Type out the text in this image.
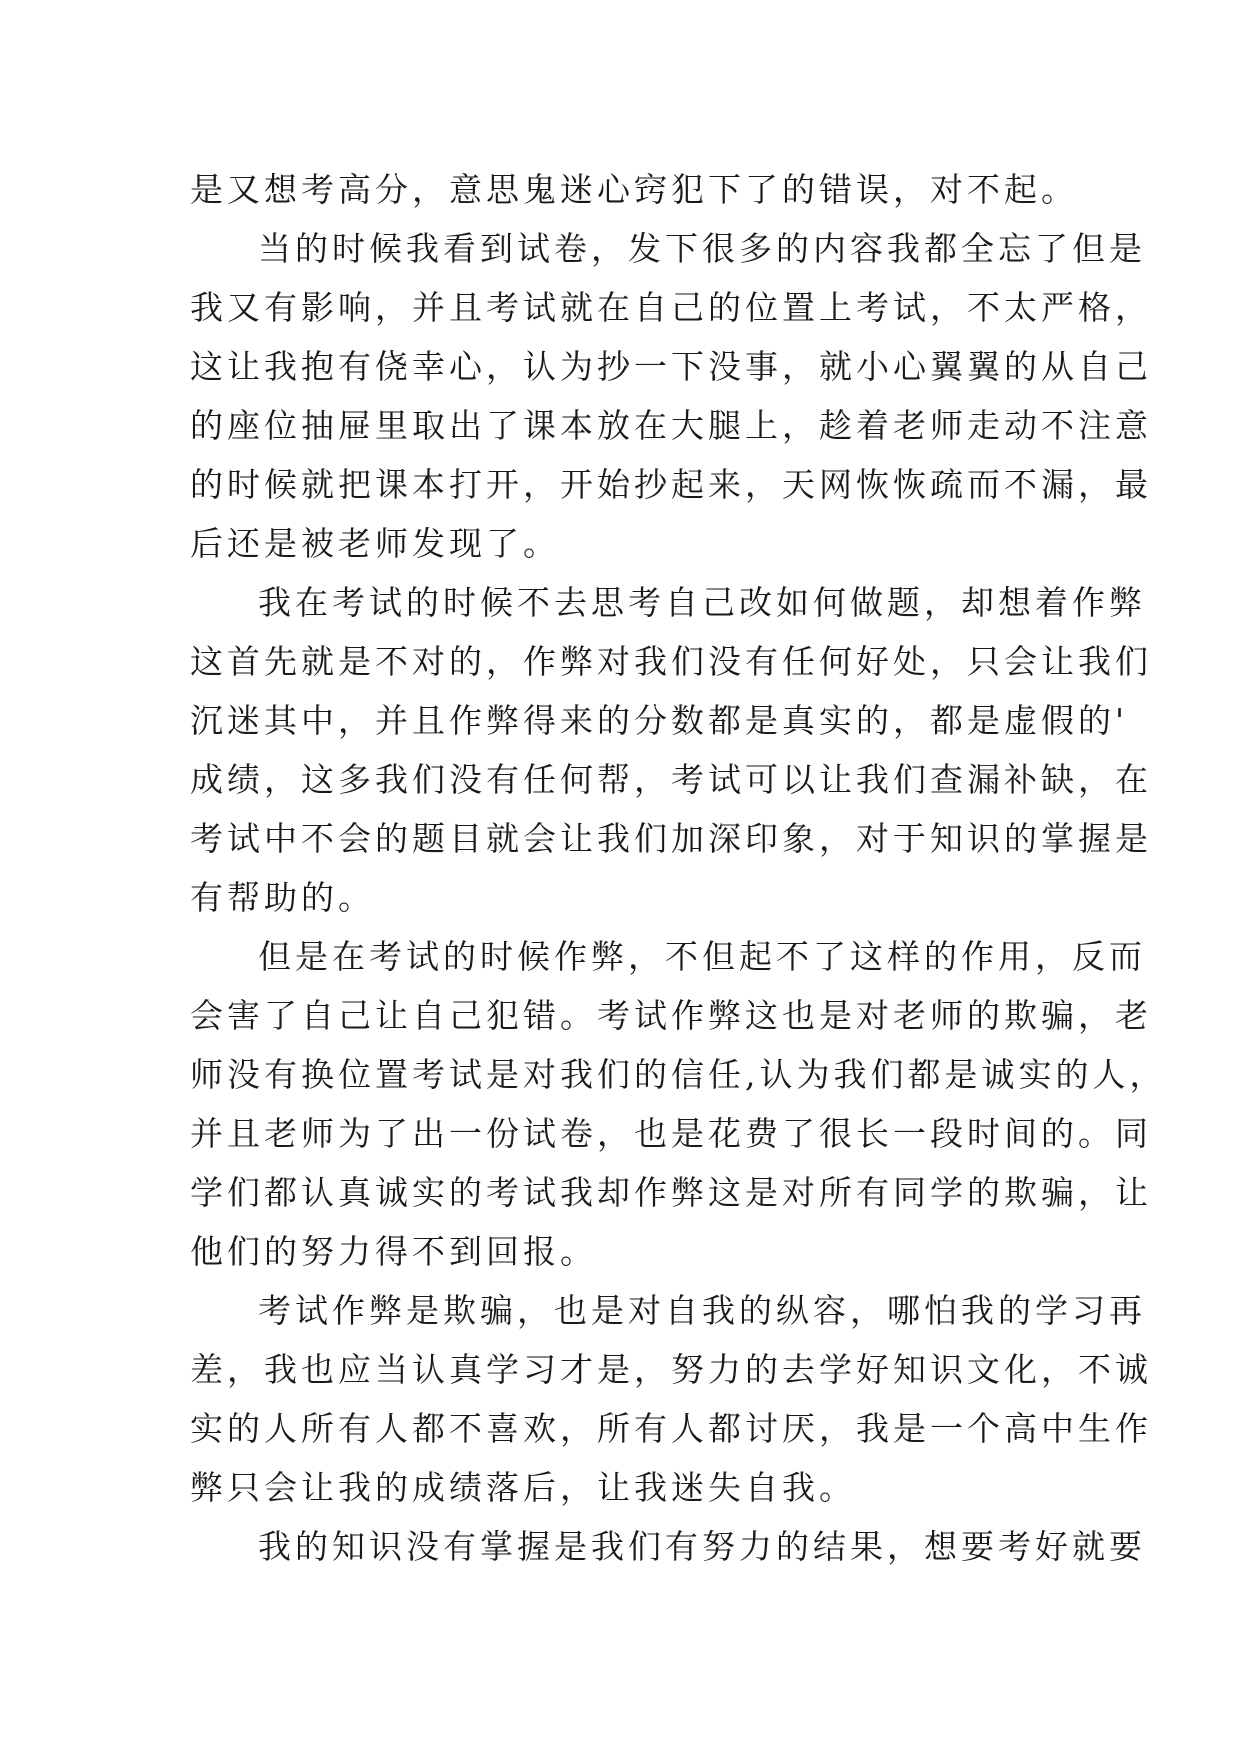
是又想考高分，意思鬼迷心窍犯下了的错误，对不起。
当的时候我看到试卷，发下很多的内容我都全忘了但是
我又有影响，并且考试就在自己的位置上考试，不太严格，
这让我抱有侥幸心，认为抄一下没事，就小心翼翼的从自己
的座位抽屉里取出了课本放在大腿上，趁着老师走动不注意
的时候就把课本打开，开始抄起来，天网恢恢疏而不漏，最
后还是被老师发现了。
我在考试的时候不去思考自己改如何做题，却想着作弊
这首先就是不对的，作弊对我们没有任何好处，只会让我们
沉迷其中，并且作弊得来的分数都是真实的，都是虚假的'
成绩，这多我们没有任何帮，考试可以让我们查漏补缺，在
考试中不会的题目就会让我们加深印象，对于知识的掌握是
有帮助的。
但是在考试的时候作弊，不但起不了这样的作用，反而
会害了自己让自己犯错。考试作弊这也是对老师的欺骗，老
师没有换位置考试是对我们的信任,认为我们都是诚实的人，
并且老师为了出一份试卷，也是花费了很长一段时间的。同
学们都认真诚实的考试我却作弊这是对所有同学的欺骗，让
他们的努力得不到回报。
考试作弊是欺骗，也是对自我的纵容，哪怕我的学习再
差，我也应当认真学习才是，努力的去学好知识文化，不诚
实的人所有人都不喜欢，所有人都讨厌，我是一个高中生作
弊只会让我的成绩落后，让我迷失自我。
我的知识没有掌握是我们有努力的结果，想要考好就要
